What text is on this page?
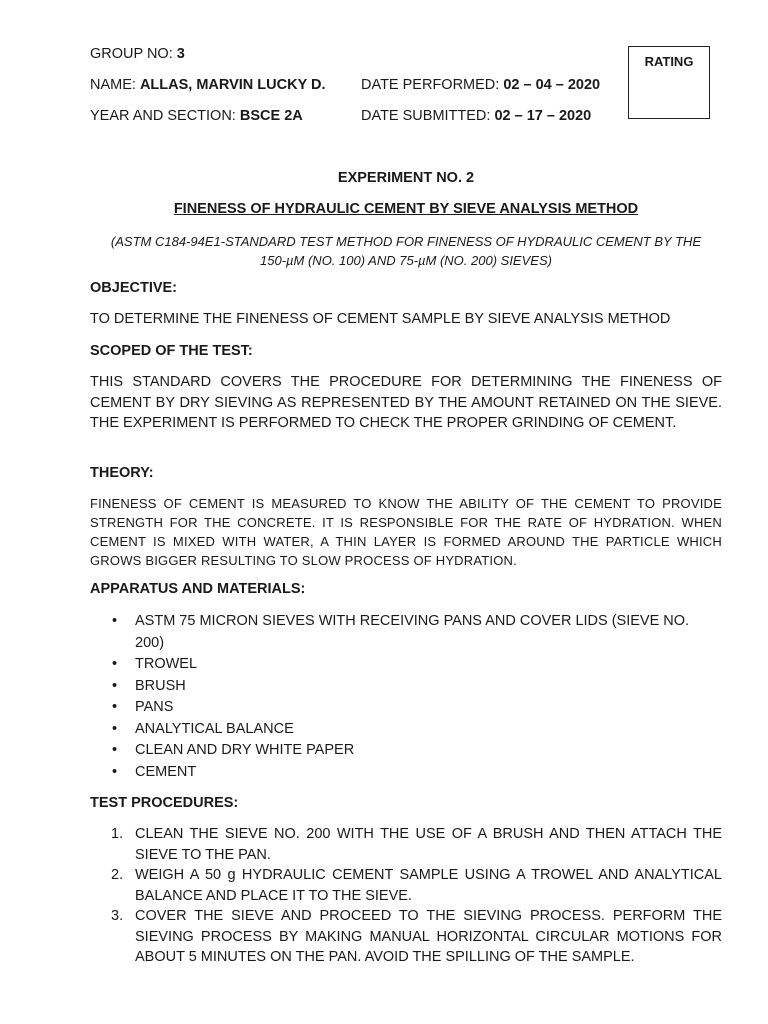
GROUP NO: 3
NAME: ALLAS, MARVIN LUCKY D.
YEAR AND SECTION: BSCE 2A
DATE PERFORMED: 02 – 04 – 2020
DATE SUBMITTED: 02 – 17 – 2020
RATING
EXPERIMENT NO. 2
FINENESS OF HYDRAULIC CEMENT BY SIEVE ANALYSIS METHOD
(ASTM C184-94E1-STANDARD TEST METHOD FOR FINENESS OF HYDRAULIC CEMENT BY THE
150-µM (NO. 100) AND 75-µM (NO. 200) SIEVES)
OBJECTIVE:
TO DETERMINE THE FINENESS OF CEMENT SAMPLE BY SIEVE ANALYSIS METHOD
SCOPED OF THE TEST:
THIS STANDARD COVERS THE PROCEDURE FOR DETERMINING THE FINENESS OF CEMENT BY DRY SIEVING AS REPRESENTED BY THE AMOUNT RETAINED ON THE SIEVE. THE EXPERIMENT IS PERFORMED TO CHECK THE PROPER GRINDING OF CEMENT.
THEORY:
FINENESS OF CEMENT IS MEASURED TO KNOW THE ABILITY OF THE CEMENT TO PROVIDE STRENGTH FOR THE CONCRETE. IT IS RESPONSIBLE FOR THE RATE OF HYDRATION. WHEN CEMENT IS MIXED WITH WATER, A THIN LAYER IS FORMED AROUND THE PARTICLE WHICH GROWS BIGGER RESULTING TO SLOW PROCESS OF HYDRATION.
APPARATUS AND MATERIALS:
• ASTM 75 MICRON SIEVES WITH RECEIVING PANS AND COVER LIDS (SIEVE NO. 200)
• TROWEL
• BRUSH
• PANS
• ANALYTICAL BALANCE
• CLEAN AND DRY WHITE PAPER
• CEMENT
TEST PROCEDURES:
1. CLEAN THE SIEVE NO. 200 WITH THE USE OF A BRUSH AND THEN ATTACH THE SIEVE TO THE PAN.
2. WEIGH A 50 g HYDRAULIC CEMENT SAMPLE USING A TROWEL AND ANALYTICAL BALANCE AND PLACE IT TO THE SIEVE.
3. COVER THE SIEVE AND PROCEED TO THE SIEVING PROCESS. PERFORM THE SIEVING PROCESS BY MAKING MANUAL HORIZONTAL CIRCULAR MOTIONS FOR ABOUT 5 MINUTES ON THE PAN. AVOID THE SPILLING OF THE SAMPLE.
